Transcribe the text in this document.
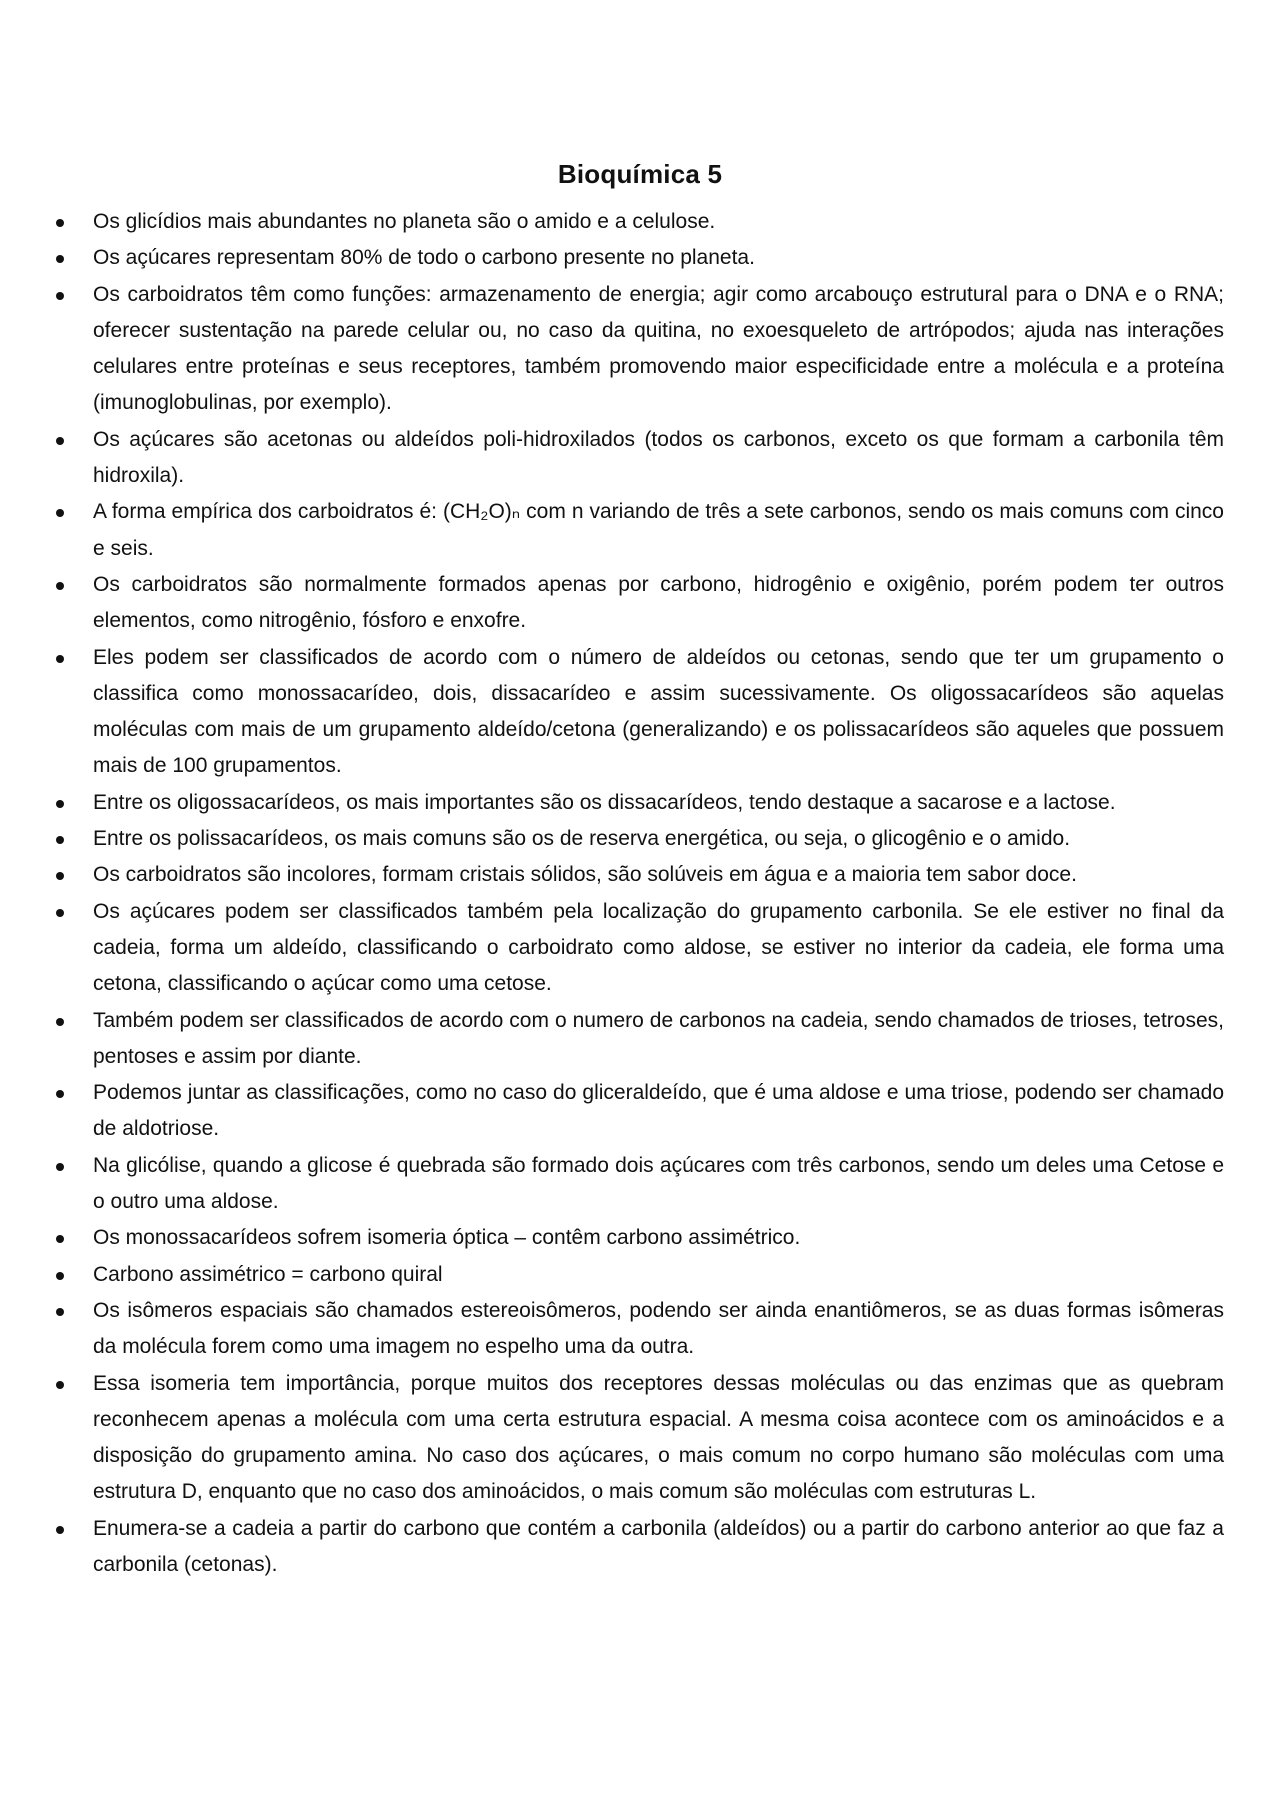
Bioquímica 5
Os glicídios mais abundantes no planeta são o amido e a celulose.
Os açúcares representam 80% de todo o carbono presente no planeta.
Os carboidratos têm como funções: armazenamento de energia; agir como arcabouço estrutural para o DNA e o RNA; oferecer sustentação na parede celular ou, no caso da quitina, no exoesqueleto de artrópodos; ajuda nas interações celulares entre proteínas e seus receptores, também promovendo maior especificidade entre a molécula e a proteína (imunoglobulinas, por exemplo).
Os açúcares são acetonas ou aldeídos poli-hidroxilados (todos os carbonos, exceto os que formam a carbonila têm hidroxila).
A forma empírica dos carboidratos é: (CH₂O)ₙ com n variando de três a sete carbonos, sendo os mais comuns com cinco e seis.
Os carboidratos são normalmente formados apenas por carbono, hidrogênio e oxigênio, porém podem ter outros elementos, como nitrogênio, fósforo e enxofre.
Eles podem ser classificados de acordo com o número de aldeídos ou cetonas, sendo que ter um grupamento o classifica como monossacarídeo, dois, dissacarídeo e assim sucessivamente. Os oligossacarídeos são aquelas moléculas com mais de um grupamento aldeído/cetona (generalizando) e os polissacarídeos são aqueles que possuem mais de 100 grupamentos.
Entre os oligossacarídeos, os mais importantes são os dissacarídeos, tendo destaque a sacarose e a lactose.
Entre os polissacarídeos, os mais comuns são os de reserva energética, ou seja, o glicogênio e o amido.
Os carboidratos são incolores, formam cristais sólidos, são solúveis em água e a maioria tem sabor doce.
Os açúcares podem ser classificados também pela localização do grupamento carbonila. Se ele estiver no final da cadeia, forma um aldeído, classificando o carboidrato como aldose, se estiver no interior da cadeia, ele forma uma cetona, classificando o açúcar como uma cetose.
Também podem ser classificados de acordo com o numero de carbonos na cadeia, sendo chamados de trioses, tetroses, pentoses e assim por diante.
Podemos juntar as classificações, como no caso do gliceraldeído, que é uma aldose e uma triose, podendo ser chamado de aldotriose.
Na glicólise, quando a glicose é quebrada são formado dois açúcares com três carbonos, sendo um deles uma Cetose e o outro uma aldose.
Os monossacarídeos sofrem isomeria óptica – contêm carbono assimétrico.
Carbono assimétrico = carbono quiral
Os isômeros espaciais são chamados estereoisômeros, podendo ser ainda enantiômeros, se as duas formas isômeras da molécula forem como uma imagem no espelho uma da outra.
Essa isomeria tem importância, porque muitos dos receptores dessas moléculas ou das enzimas que as quebram reconhecem apenas a molécula com uma certa estrutura espacial. A mesma coisa acontece com os aminoácidos e a disposição do grupamento amina. No caso dos açúcares, o mais comum no corpo humano são moléculas com uma estrutura D, enquanto que no caso dos aminoácidos, o mais comum são moléculas com estruturas L.
Enumera-se a cadeia a partir do carbono que contém a carbonila (aldeídos) ou a partir do carbono anterior ao que faz a carbonila (cetonas).
